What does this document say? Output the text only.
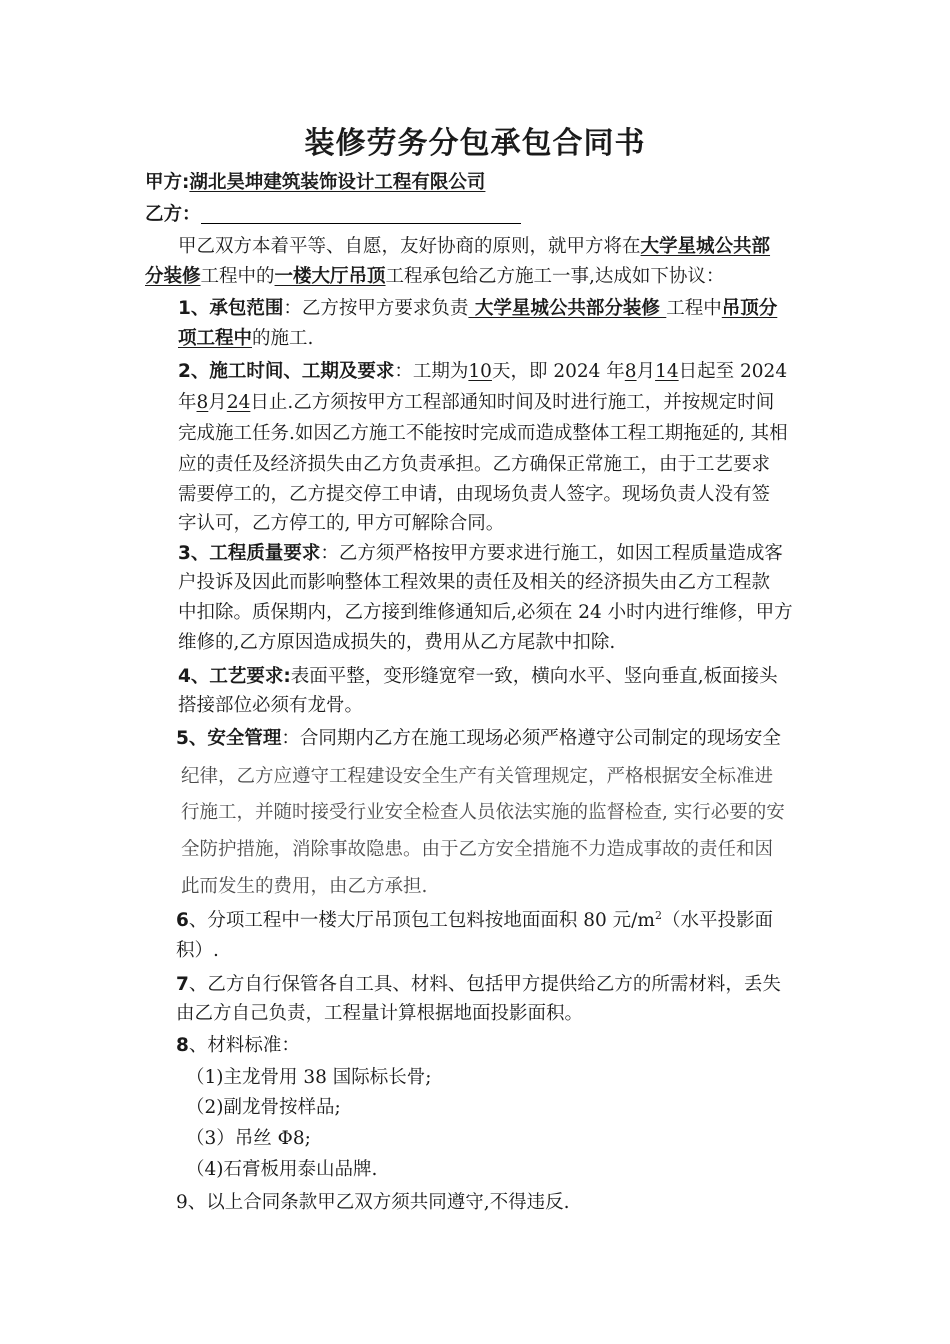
装修劳务分包承包合同书
甲方:湖北昊坤建筑装饰设计工程有限公司
乙方：
甲乙双方本着平等、自愿，友好协商的原则，就甲方将在大学星城公共部
分装修工程中的一楼大厅吊顶工程承包给乙方施工一事,达成如下协议：
1、承包范围：乙方按甲方要求负责 大学星城公共部分装修 工程中吊顶分
项工程中的施工.
2、施工时间、工期及要求：工期为10天，即 2024 年8月14日起至 2024
年8月24日止.乙方须按甲方工程部通知时间及时进行施工，并按规定时间
完成施工任务.如因乙方施工不能按时完成而造成整体工程工期拖延的, 其相
应的责任及经济损失由乙方负责承担。乙方确保正常施工，由于工艺要求
需要停工的，乙方提交停工申请，由现场负责人签字。现场负责人没有签
字认可，乙方停工的, 甲方可解除合同。
3、工程质量要求：乙方须严格按甲方要求进行施工，如因工程质量造成客
户投诉及因此而影响整体工程效果的责任及相关的经济损失由乙方工程款
中扣除。质保期内，乙方接到维修通知后,必须在 24 小时内进行维修，甲方
维修的,乙方原因造成损失的，费用从乙方尾款中扣除.
4、工艺要求:表面平整，变形缝宽窄一致，横向水平、竖向垂直,板面接头
搭接部位必须有龙骨。
5、安全管理：合同期内乙方在施工现场必须严格遵守公司制定的现场安全
纪律，乙方应遵守工程建设安全生产有关管理规定，严格根据安全标准进
行施工，并随时接受行业安全检查人员依法实施的监督检查, 实行必要的安
全防护措施，消除事故隐患。由于乙方安全措施不力造成事故的责任和因
此而发生的费用，由乙方承担.
6、分项工程中一楼大厅吊顶包工包料按地面面积 80 元$/m^2$（水平投影面
积）.
7、乙方自行保管各自工具、材料、包括甲方提供给乙方的所需材料，丢失
由乙方自己负责，工程量计算根据地面投影面积。
8、材料标准：
（1)主龙骨用 38 国际标长骨;
（2)副龙骨按样品;
（3）吊丝 Φ8;
（4)石膏板用泰山品牌.
9、以上合同条款甲乙双方须共同遵守,不得违反.
